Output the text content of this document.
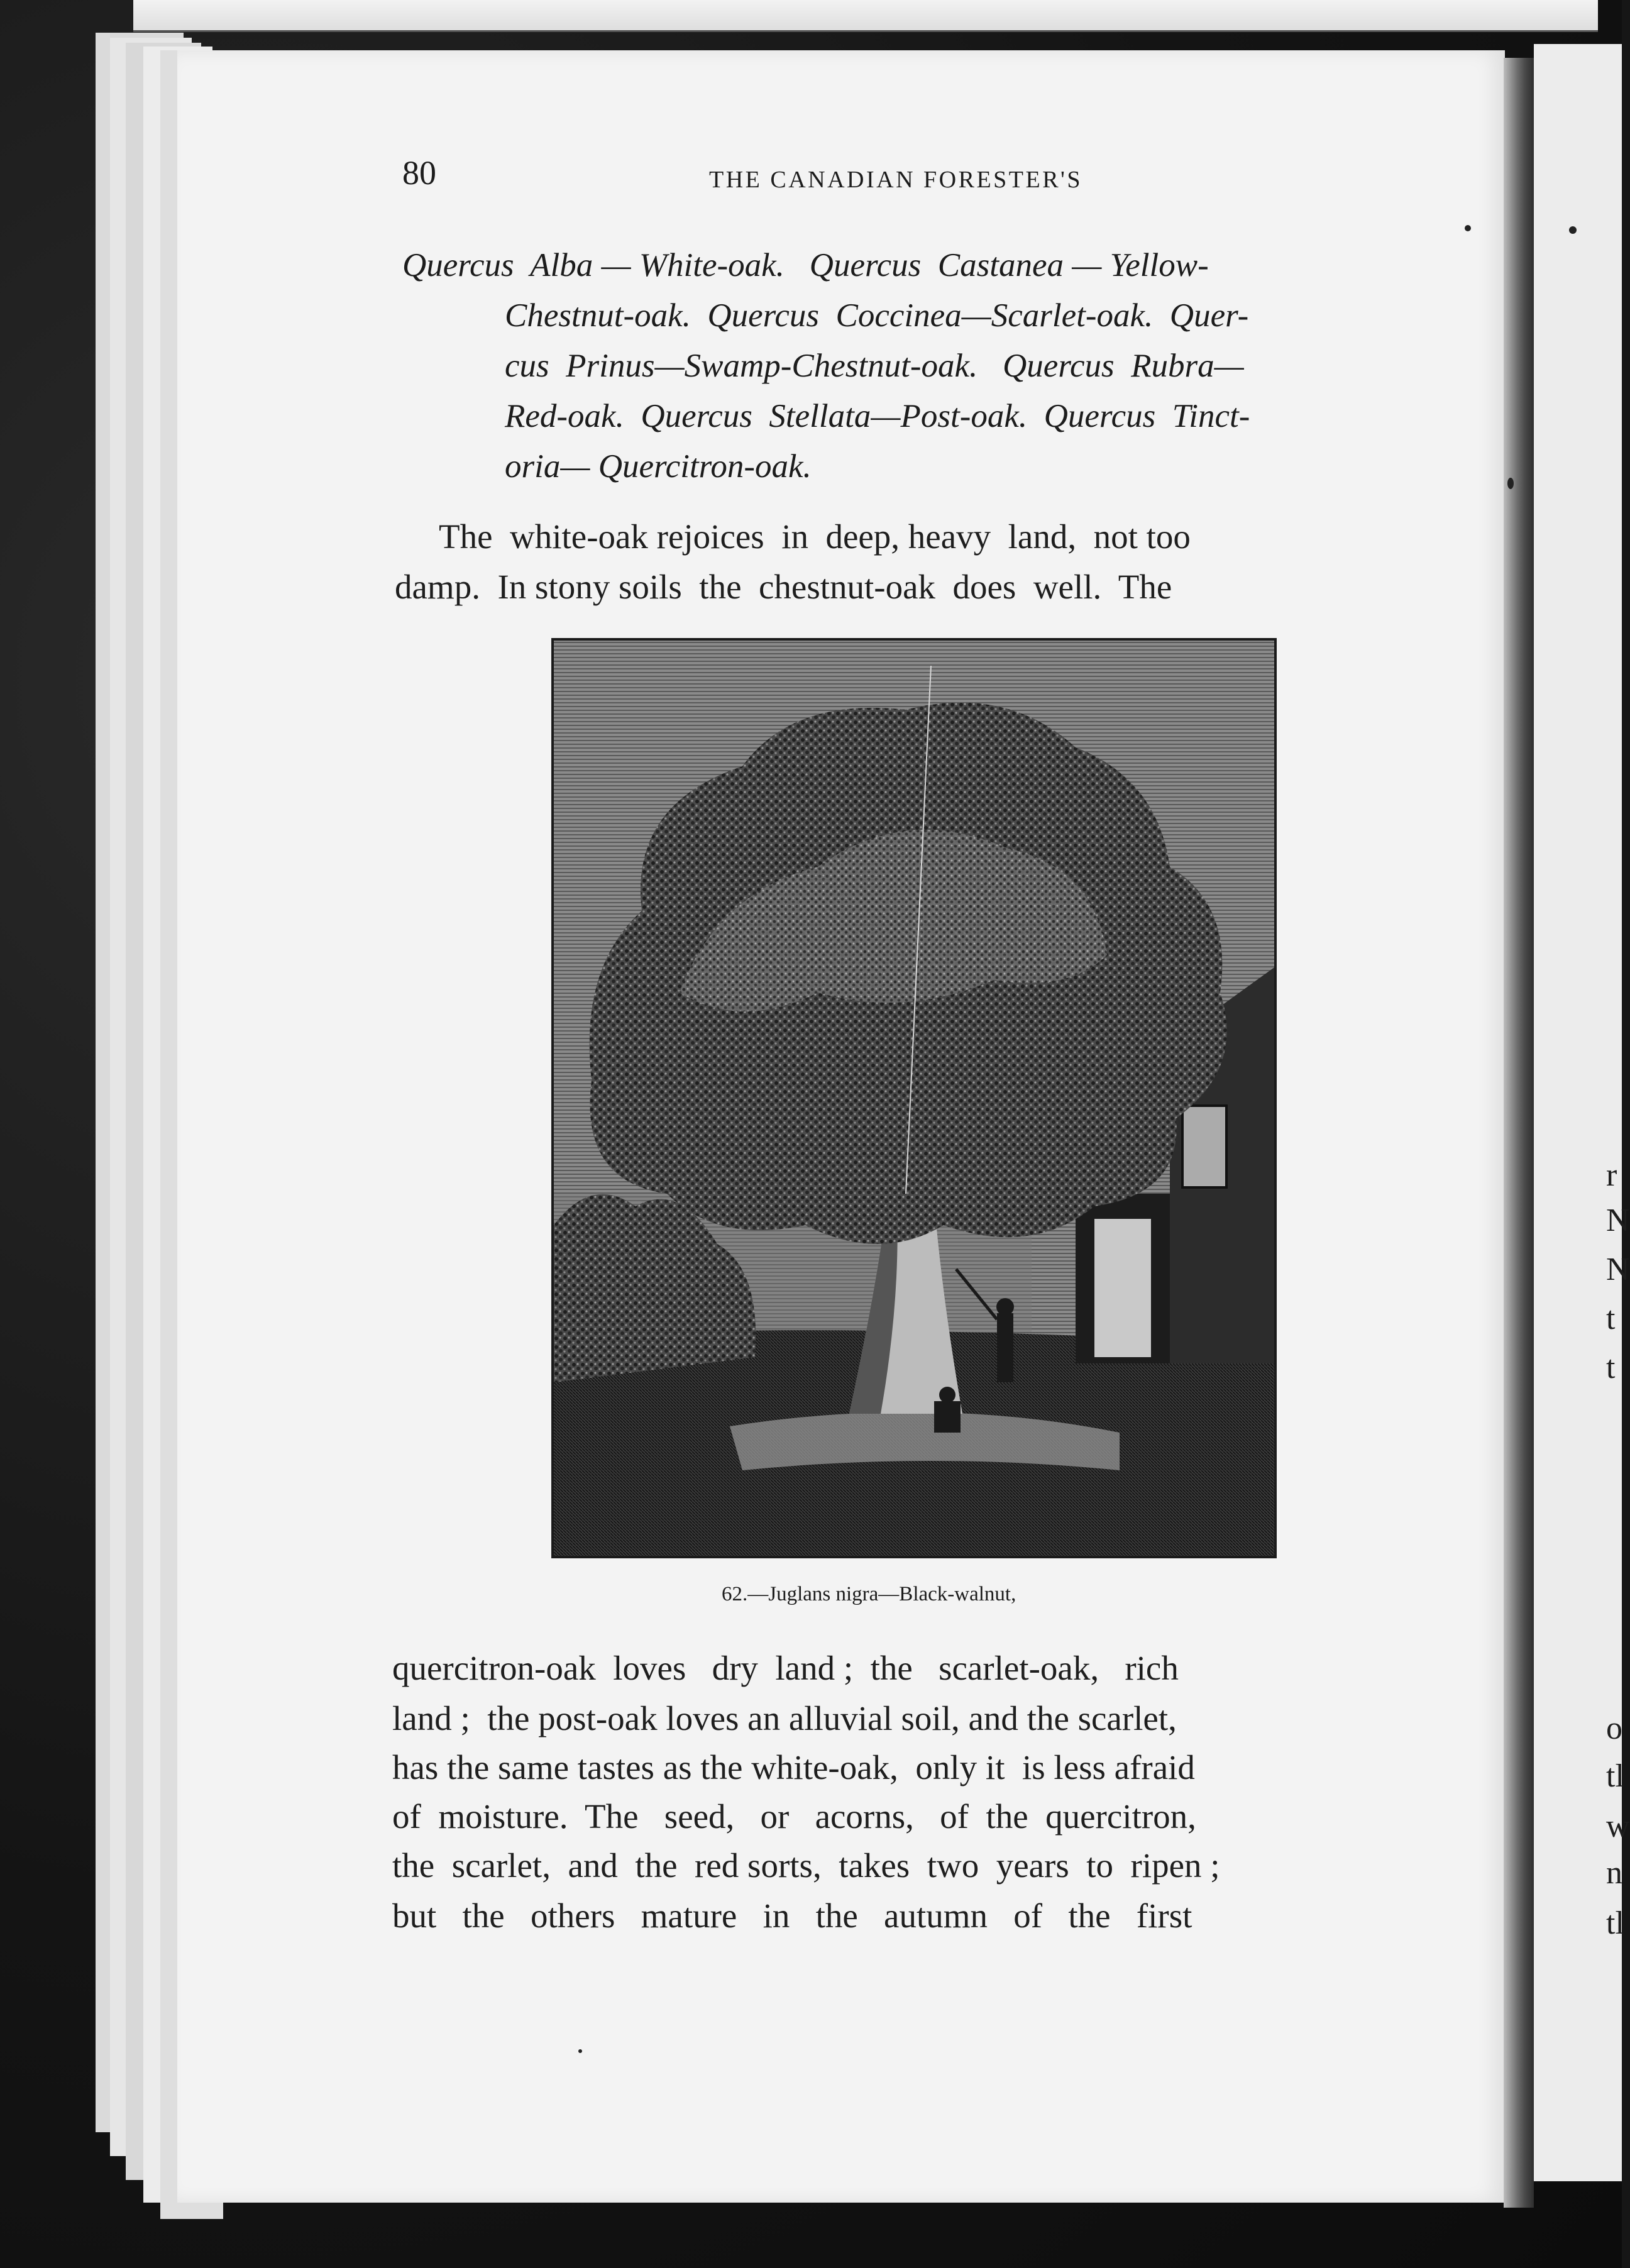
r
N
N
t
t
o
tl
w
n
tl
80	THE CANADIAN FORESTER'S
Quercus  Alba — White-oak.   Quercus  Castanea — Yellow-
Chestnut-oak.  Quercus  Coccinea—Scarlet-oak.  Quer-
cus  Prinus—Swamp-Chestnut-oak.   Quercus  Rubra—
Red-oak.  Quercus  Stellata—Post-oak.  Quercus  Tinct-
oria— Quercitron-oak.
The  white-oak rejoices  in  deep, heavy  land,  not too
damp.  In stony soils  the  chestnut-oak  does  well.  The
62.—Juglans nigra—Black-walnut,
quercitron-oak  loves   dry  land ;  the   scarlet-oak,   rich
land ;  the post-oak loves an alluvial soil, and the scarlet,
has the same tastes as the white-oak,  only it  is less afraid
of  moisture.  The   seed,   or   acorns,   of  the  quercitron,
the  scarlet,  and  the  red sorts,  takes  two  years  to  ripen ;
but   the   others   mature   in   the   autumn   of   the   first
